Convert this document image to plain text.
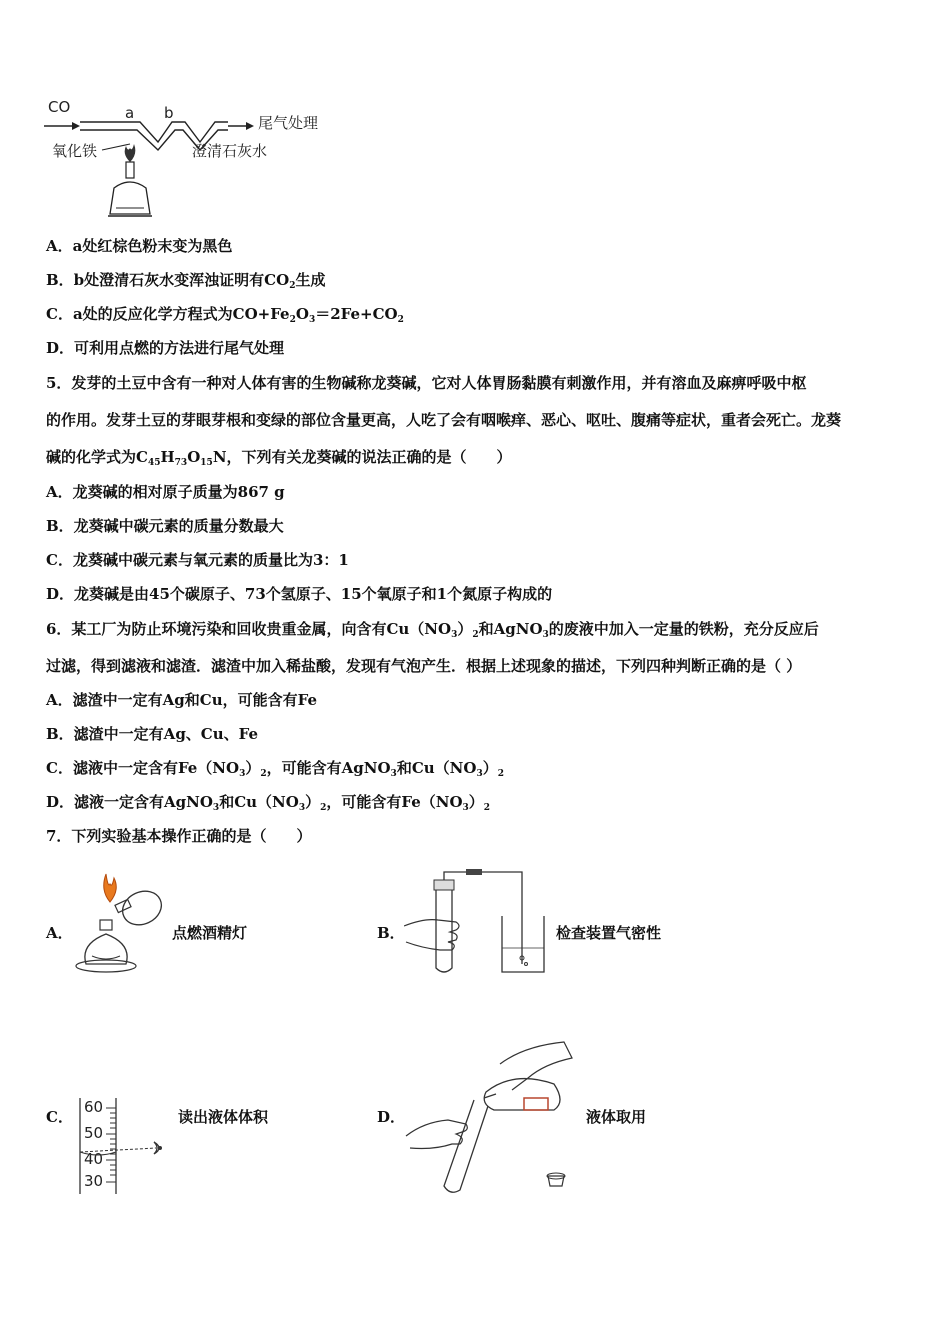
CO	a b
尾气处理
氧化铁	澄清石灰水
A．a处红棕色粉末变为黑色
B．b处澄清石灰水变浑浊证明有$CO_2$生成
C．a处的反应化学方程式为$CO+Fe_2O_3=2Fe+CO_2$
D．可利用点燃的方法进行尾气处理
5．发芽的土豆中含有一种对人体有害的生物碱称龙葵碱，它对人体胃肠黏膜有刺激作用，并有溶血及麻痹呼吸中枢
的作用。发芽土豆的芽眼芽根和变绿的部位含量更高，人吃了会有咽喉痒、恶心、呕吐、腹痛等症状，重者会死亡。龙葵
碱的化学式为$C_{45}H_{73}O_{15}N$，下列有关龙葵碱的说法正确的是（　　）
A．龙葵碱的相对原子质量为867 g
B．龙葵碱中碳元素的质量分数最大
C．龙葵碱中碳元素与氧元素的质量比为3：1
D．龙葵碱是由45个碳原子、73个氢原子、15个氧原子和1个氮原子构成的
6．某工厂为防止环境污染和回收贵重金属，向含有$Cu(NO_3)_2$和AgNO$_3$的废液中加入一定量的铁粉，充分反应后
过滤，得到滤液和滤渣．滤渣中加入稀盐酸，发现有气泡产生．根据上述现象的描述，下列四种判断正确的是（ ）
A．滤渣中一定有Ag和Cu，可能含有Fe
B．滤渣中一定有Ag、Cu、Fe
C．滤液中一定含有$Fe(NO_3)_2$，可能含有AgNO$_3$和$Cu(NO_3)_2$
D．滤液一定含有AgNO$_3$和$Cu(NO_3)_2$，可能含有$Fe(NO_3)_2$
7．下列实验基本操作正确的是（　　）
A．	点燃酒精灯	B．	检查装置气密性
C．
60
50
40
30
读出液体体积	D．	液体取用
